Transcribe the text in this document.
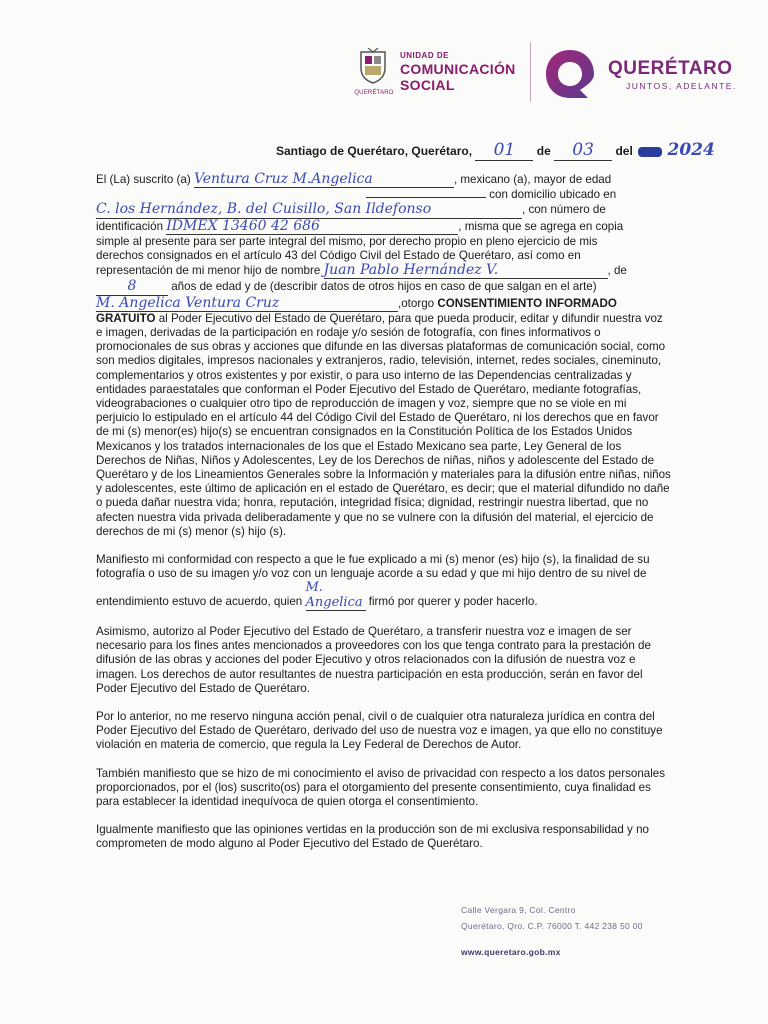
QUERÉTARO
UNIDAD DE
COMUNICACIÓN
SOCIAL
QUERÉTARO
JUNTOS, ADELANTE.
Santiago de Querétaro, Querétaro, 01 de 03 del 2024

El (La) suscrito (a) Ventura Cruz M.Angelica	, mexicano (a), mayor de edad
con domicilio ubicado en
C. los Hernández, B. del Cuisillo, San Ildefonso	, con número de
identificación IDMEX 13460 42 686	, misma que se agrega en copia
simple al presente para ser parte integral del mismo, por derecho propio en pleno ejercicio de mis
derechos consignados en el artículo 43 del Código Civil del Estado de Querétaro, así como en
representación de mi menor hijo de nombre Juan Pablo Hernández V.	, de
8	años de edad y de (describir datos de otros hijos en caso de que salgan en el arte)
M. Angelica Ventura Cruz	,otorgo CONSENTIMIENTO INFORMADO
GRATUITO al Poder Ejecutivo del Estado de Querétaro, para que pueda producir, editar y difundir nuestra voz e imagen, derivadas de la participación en rodaje y/o sesión de fotografía, con fines informativos o promocionales de sus obras y acciones que difunde en las diversas plataformas de comunicación social, como son medios digitales, impresos nacionales y extranjeros, radio, televisión, internet, redes sociales, cineminuto, complementarios y otros existentes y por existir, o para uso interno de las Dependencias centralizadas y entidades paraestatales que conforman el Poder Ejecutivo del Estado de Querétaro, mediante fotografías, videograbaciones o cualquier otro tipo de reproducción de imagen y voz, siempre que no se viole en mi perjuicio lo estipulado en el artículo 44 del Código Civil del Estado de Querétaro, ni los derechos que en favor de mi (s) menor(es) hijo(s) se encuentran consignados en la Constitución Política de los Estados Unidos Mexicanos y los tratados internacionales de los que el Estado Mexicano sea parte, Ley General de los Derechos de Niñas, Niños y Adolescentes, Ley de los Derechos de niñas, niños y adolescente del Estado de Querétaro y de los Lineamientos Generales sobre la Información y materiales para la difusión entre niñas, niños y adolescentes, este último de aplicación en el estado de Querétaro, es decir; que el material difundido no dañe o pueda dañar nuestra vida; honra, reputación, integridad física; dignidad, restringir nuestra libertad, que no afecten nuestra vida privada deliberadamente y que no se vulnere con la difusión del material, el ejercicio de derechos de mi (s) menor (s) hijo (s).

Manifiesto mi conformidad con respecto a que le fue explicado a mi (s) menor (es) hijo (s), la finalidad de su fotografía o uso de su imagen y/o voz con un lenguaje acorde a su edad y que mi hijo dentro de su nivel de entendimiento estuvo de acuerdo, quien M. Angelica firmó por querer y poder hacerlo.

Asimismo, autorizo al Poder Ejecutivo del Estado de Querétaro, a transferir nuestra voz e imagen de ser necesario para los fines antes mencionados a proveedores con los que tenga contrato para la prestación de difusión de las obras y acciones del poder Ejecutivo y otros relacionados con la difusión de nuestra voz e imagen. Los derechos de autor resultantes de nuestra participación en esta producción, serán en favor del Poder Ejecutivo del Estado de Querétaro.

Por lo anterior, no me reservo ninguna acción penal, civil o de cualquier otra naturaleza jurídica en contra del Poder Ejecutivo del Estado de Querétaro, derivado del uso de nuestra voz e imagen, ya que ello no constituye violación en materia de comercio, que regula la Ley Federal de Derechos de Autor.

También manifiesto que se hizo de mi conocimiento el aviso de privacidad con respecto a los datos personales proporcionados, por el (los) suscrito(os) para el otorgamiento del presente consentimiento, cuya finalidad es para establecer la identidad inequívoca de quien otorga el consentimiento.

Igualmente manifiesto que las opiniones vertidas en la producción son de mi exclusiva responsabilidad y no comprometen de modo alguno al Poder Ejecutivo del Estado de Querétaro.

Calle Vergara 9, Col. Centro
Querétaro, Qro. C.P. 76000 T. 442 238 50 00
www.queretaro.gob.mx
